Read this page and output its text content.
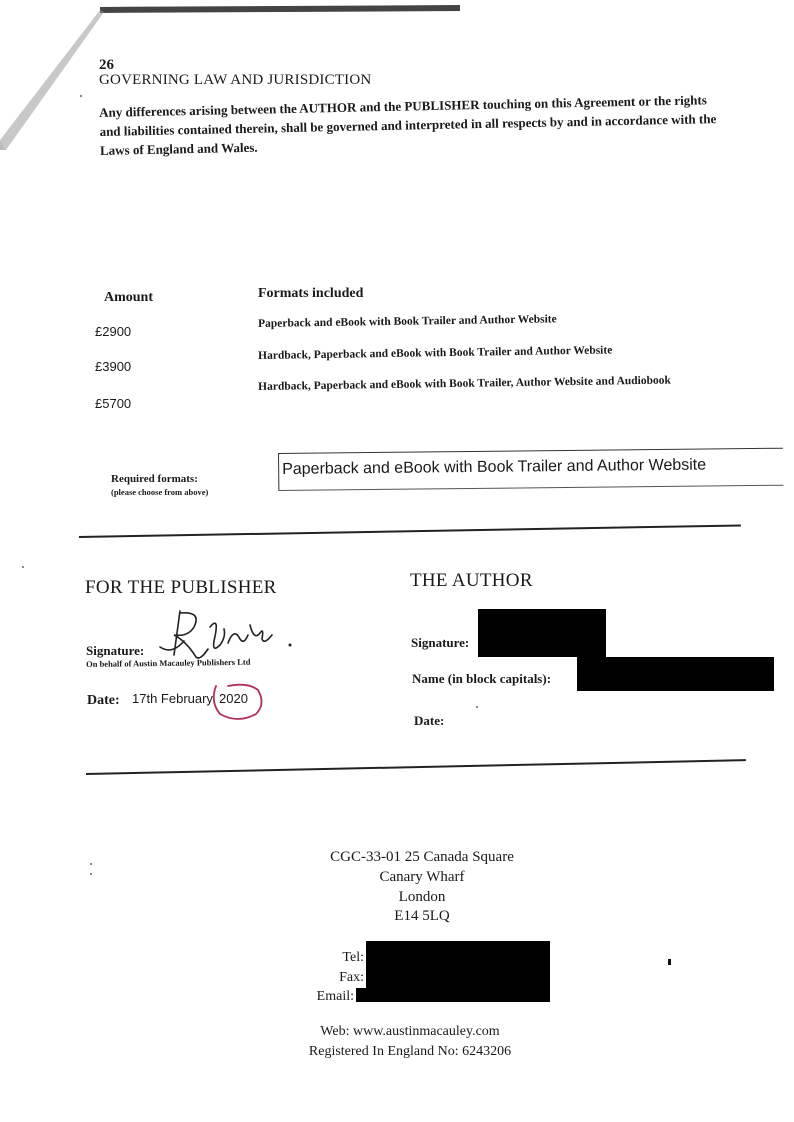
26
GOVERNING LAW AND JURISDICTION
Any differences arising between the AUTHOR and the PUBLISHER touching on this Agreement or the rights and liabilities contained therein, shall be governed and interpreted in all respects by and in accordance with the Laws of England and Wales.
Amount	Formats included
£2900
Paperback and eBook with Book Trailer and Author Website
£3900
Hardback, Paperback and eBook with Book Trailer and Author Website
£5700
Hardback, Paperback and eBook with Book Trailer, Author Website and Audiobook
Required formats:
(please choose from above)
Paperback and eBook with Book Trailer and Author Website
FOR THE PUBLISHER
Signature:
On behalf of Austin Macauley Publishers Ltd
Date: 17th February 2020
THE AUTHOR
Signature:
Name (in block capitals):
Date:
CGC-33-01 25 Canada Square
Canary Wharf
London
E14 5LQ
Tel:
Fax:
Email:
Web: www.austinmacauley.com
Registered In England No: 6243206
